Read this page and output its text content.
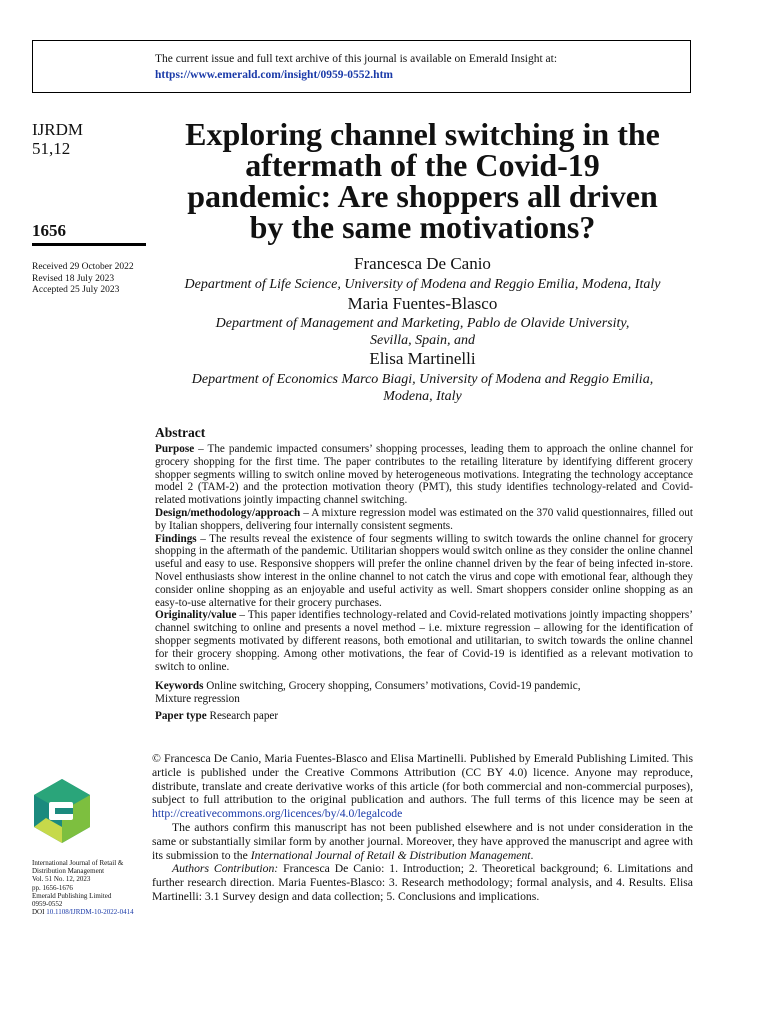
The current issue and full text archive of this journal is available on Emerald Insight at:
https://www.emerald.com/insight/0959-0552.htm
IJRDM
51,12
1656
Received 29 October 2022
Revised 18 July 2023
Accepted 25 July 2023
Exploring channel switching in the
aftermath of the Covid-19
pandemic: Are shoppers all driven
by the same motivations?
Francesca De Canio
Department of Life Science, University of Modena and Reggio Emilia, Modena, Italy
Maria Fuentes-Blasco
Department of Management and Marketing, Pablo de Olavide University,
Sevilla, Spain, and
Elisa Martinelli
Department of Economics Marco Biagi, University of Modena and Reggio Emilia,
Modena, Italy
Abstract

Purpose – The pandemic impacted consumers’ shopping processes, leading them to approach the online channel for grocery shopping for the first time. The paper contributes to the retailing literature by identifying different grocery shopper segments willing to switch online moved by heterogeneous motivations. Integrating the technology acceptance model 2 (TAM-2) and the protection motivation theory (PMT), this study identifies technology-related and Covid-related motivations jointly impacting channel switching.

Design/methodology/approach – A mixture regression model was estimated on the 370 valid questionnaires, filled out by Italian shoppers, delivering four internally consistent segments.

Findings – The results reveal the existence of four segments willing to switch towards the online channel for grocery shopping in the aftermath of the pandemic. Utilitarian shoppers would switch online as they consider the online channel useful and easy to use. Responsive shoppers will prefer the online channel driven by the fear of being infected in-store. Novel enthusiasts show interest in the online channel to not catch the virus and cope with emotional fear, although they consider online shopping as an enjoyable and useful activity as well. Smart shoppers consider online shopping as an easy-to-use alternative for their grocery purchases.

Originality/value – This paper identifies technology-related and Covid-related motivations jointly impacting shoppers’ channel switching to online and presents a novel method – i.e. mixture regression – allowing for the identification of shopper segments motivated by different reasons, both emotional and utilitarian, to switch towards the online channel for their grocery shopping. Among other motivations, the fear of Covid-19 is identified as a relevant motivation to switch to online.

Keywords Online switching, Grocery shopping, Consumers’ motivations, Covid-19 pandemic,
Mixture regression
Paper type Research paper

© Francesca De Canio, Maria Fuentes-Blasco and Elisa Martinelli. Published by Emerald Publishing Limited. This article is published under the Creative Commons Attribution (CC BY 4.0) licence. Anyone may reproduce, distribute, translate and create derivative works of this article (for both commercial and non-commercial purposes), subject to full attribution to the original publication and authors. The full terms of this licence may be seen at http://creativecommons.org/licences/by/4.0/legalcode

The authors confirm this manuscript has not been published elsewhere and is not under consideration in the same or substantially similar form by another journal. Moreover, they have approved the manuscript and agree with its submission to the International Journal of Retail & Distribution Management.

Authors Contribution: Francesca De Canio: 1. Introduction; 2. Theoretical background; 6. Limitations and further research direction. Maria Fuentes-Blasco: 3. Research methodology; formal analysis, and 4. Results. Elisa Martinelli: 3.1 Survey design and data collection; 5. Conclusions and implications.

International Journal of Retail &
Distribution Management
Vol. 51 No. 12, 2023
pp. 1656-1676
Emerald Publishing Limited
0959-0552
DOI 10.1108/IJRDM-10-2022-0414
